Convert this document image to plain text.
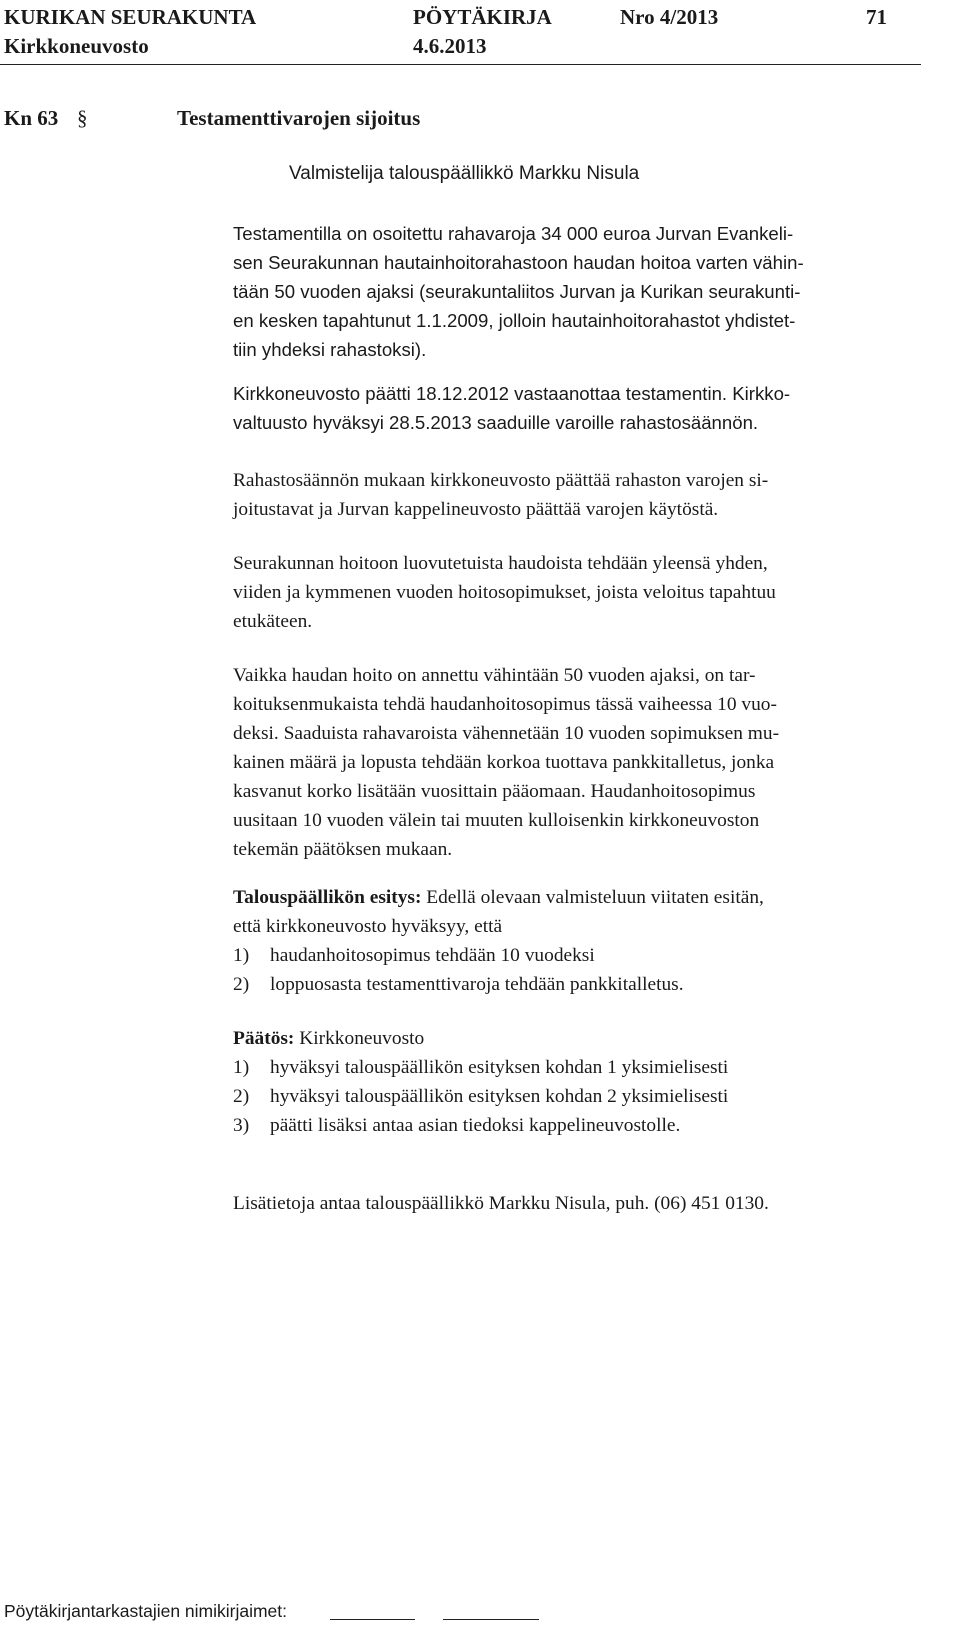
KURIKAN SEURAKUNTA	PÖYTÄKIRJA	Nro 4/2013	71
Kirkkoneuvosto	4.6.2013
Kn 63 §	Testamenttivarojen sijoitus
Valmistelija talouspäällikkö Markku Nisula
Testamentilla on osoitettu rahavaroja 34 000 euroa Jurvan Evankeli-
sen Seurakunnan hautainhoitorahastoon haudan hoitoa varten vähin-
tään 50 vuoden ajaksi (seurakuntaliitos Jurvan ja Kurikan seurakunti-
en kesken tapahtunut 1.1.2009, jolloin hautainhoitorahastot yhdistet-
tiin yhdeksi rahastoksi).
Kirkkoneuvosto päätti 18.12.2012 vastaanottaa testamentin. Kirkko-
valtuusto hyväksyi 28.5.2013 saaduille varoille rahastosäännön.
Rahastosäännön mukaan kirkkoneuvosto päättää rahaston varojen si-
joitustavat ja Jurvan kappelineuvosto päättää varojen käytöstä.
Seurakunnan hoitoon luovutetuista haudoista tehdään yleensä yhden,
viiden ja kymmenen vuoden hoitosopimukset, joista veloitus tapahtuu
etukäteen.
Vaikka haudan hoito on annettu vähintään 50 vuoden ajaksi, on tar-
koituksenmukaista tehdä haudanhoitosopimus tässä vaiheessa 10 vuo-
deksi. Saaduista rahavaroista vähennetään 10 vuoden sopimuksen mu-
kainen määrä ja lopusta tehdään korkoa tuottava pankkitalletus, jonka
kasvanut korko lisätään vuosittain pääomaan. Haudanhoitosopimus
uusitaan 10 vuoden välein tai muuten kulloisenkin kirkkoneuvoston
tekemän päätöksen mukaan.
Talouspäällikön esitys: Edellä olevaan valmisteluun viitaten esitän,
että kirkkoneuvosto hyväksyy, että
1)	haudanhoitosopimus tehdään 10 vuodeksi
2)	loppuosasta testamenttivaroja tehdään pankkitalletus.
Päätös: Kirkkoneuvosto
1)	hyväksyi talouspäällikön esityksen kohdan 1 yksimielisesti
2)	hyväksyi talouspäällikön esityksen kohdan 2 yksimielisesti
3)	päätti lisäksi antaa asian tiedoksi kappelineuvostolle.
Lisätietoja antaa talouspäällikkö Markku Nisula, puh. (06) 451 0130.
Pöytäkirjantarkastajien nimikirjaimet:
